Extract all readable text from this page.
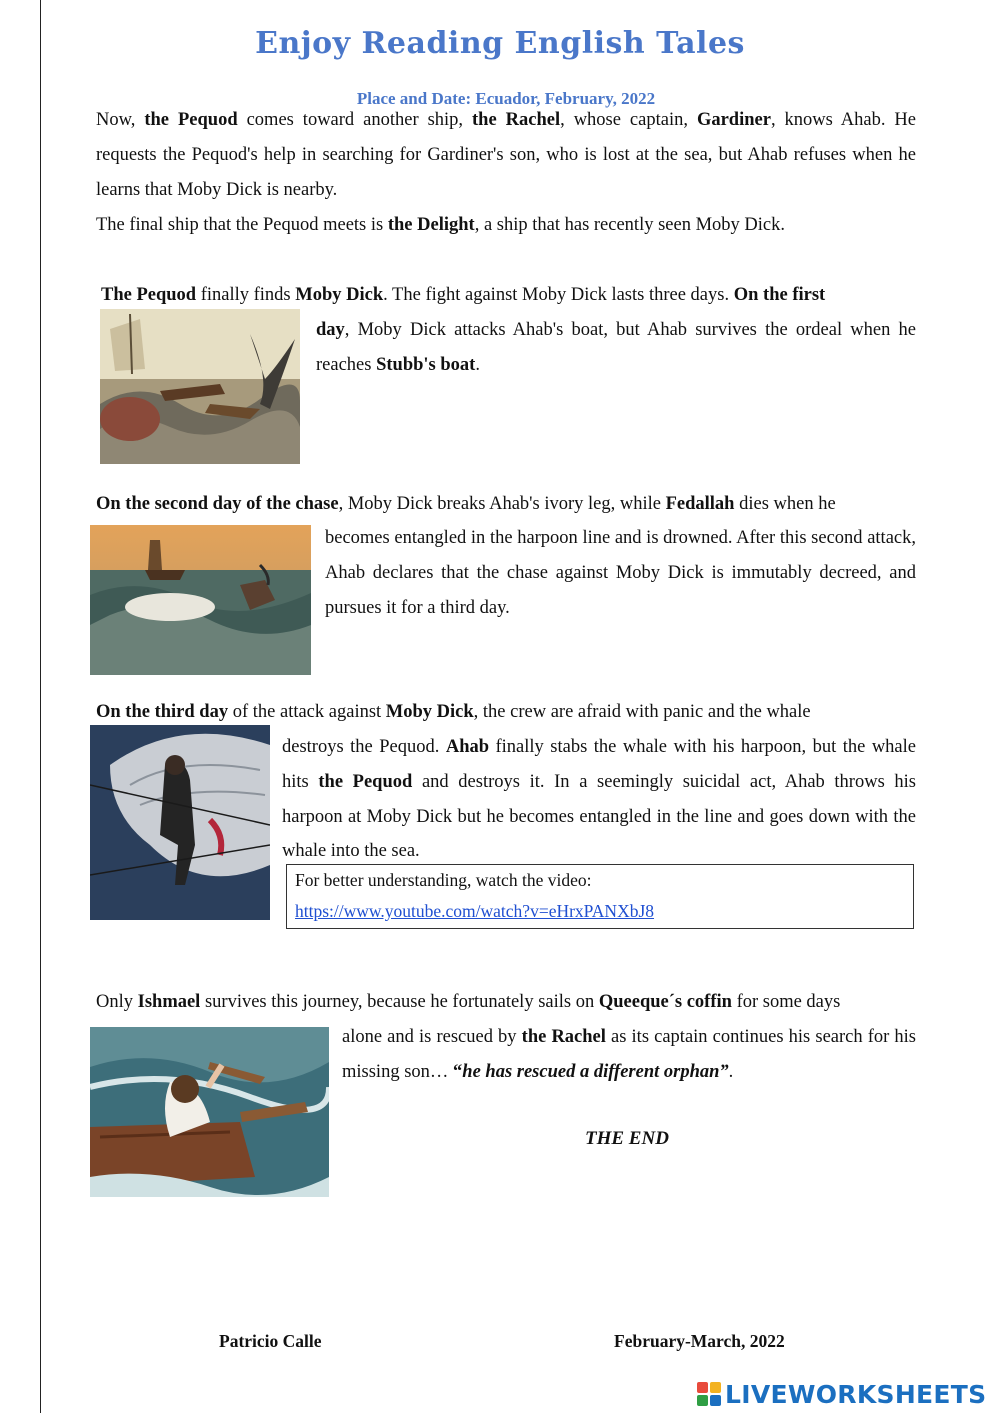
Enjoy Reading English Tales
Place and Date: Ecuador, February, 2022
Now, the Pequod comes toward another ship, the Rachel, whose captain, Gardiner, knows Ahab. He requests the Pequod's help in searching for Gardiner's son, who is lost at the sea, but Ahab refuses when he learns that Moby Dick is nearby.
The final ship that the Pequod meets is the Delight, a ship that has recently seen Moby Dick.
The Pequod finally finds Moby Dick. The fight against Moby Dick lasts three days. On the first
day, Moby Dick attacks Ahab's boat, but Ahab survives the ordeal when he reaches Stubb's boat.
On the second day of the chase, Moby Dick breaks Ahab's ivory leg, while Fedallah dies when he
becomes entangled in the harpoon line and is drowned. After this second attack, Ahab declares that the chase against Moby Dick is immutably decreed, and pursues it for a third day.
On the third day of the attack against Moby Dick, the crew are afraid with panic and the whale
destroys the Pequod. Ahab finally stabs the whale with his harpoon, but the whale hits the Pequod and destroys it. In a seemingly suicidal act, Ahab throws his harpoon at Moby Dick but he becomes entangled in the line and goes down with the whale into the sea.
For better understanding, watch the video:
https://www.youtube.com/watch?v=eHrxPANXbJ8
Only Ishmael survives this journey, because he fortunately sails on Queeque´s coffin for some days
alone and is rescued by the Rachel as its captain continues his search for his missing son… “he has rescued a different orphan”.
THE END
Patricio Calle	February-March, 2022
LIVEWORKSHEETS
